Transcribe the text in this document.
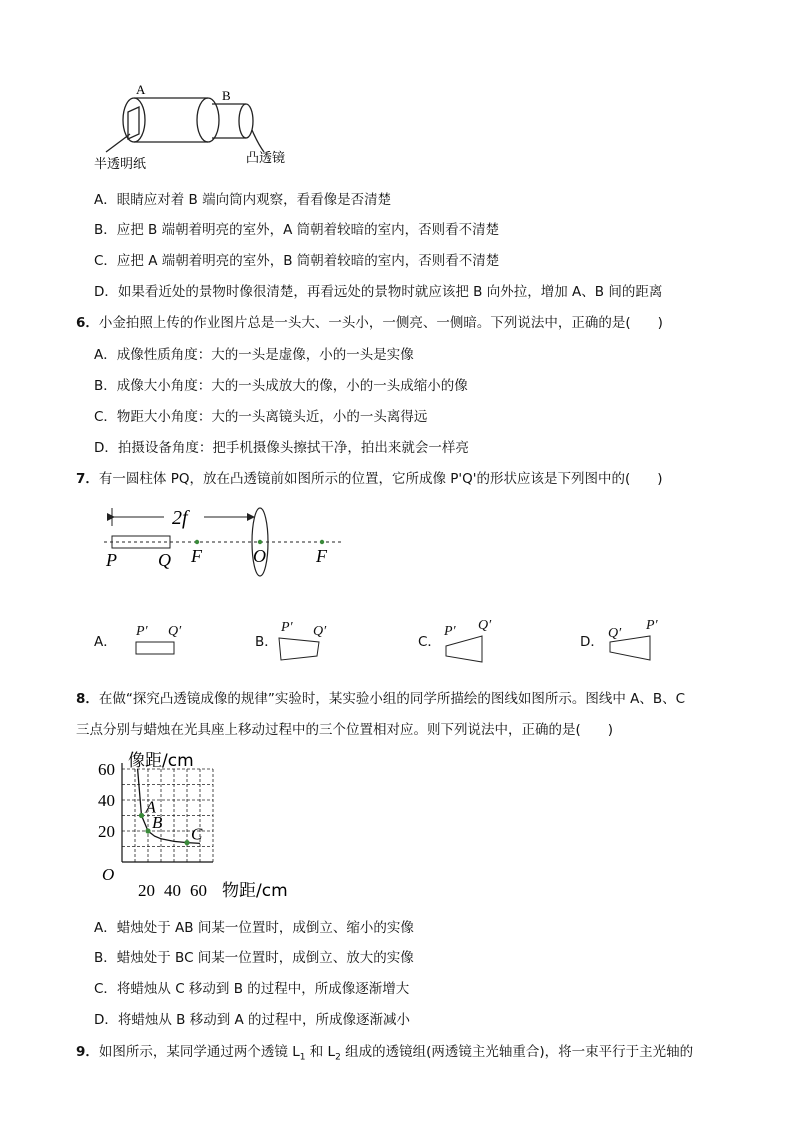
A	B
半透明纸	凸透镜
A．眼睛应对着 B 端向筒内观察，看看像是否清楚
B．应把 B 端朝着明亮的室外，A 筒朝着较暗的室内，否则看不清楚
C．应把 A 端朝着明亮的室外，B 筒朝着较暗的室内，否则看不清楚
D．如果看近处的景物时像很清楚，再看远处的景物时就应该把 B 向外拉，增加 A、B 间的距离
6．小金拍照上传的作业图片总是一头大、一头小，一侧亮、一侧暗。下列说法中，正确的是(　　)
A．成像性质角度：大的一头是虚像，小的一头是实像
B．成像大小角度：大的一头成放大的像，小的一头成缩小的像
C．物距大小角度：大的一头离镜头近，小的一头离得远
D．拍摄设备角度：把手机摄像头擦拭干净，拍出来就会一样亮
7．有一圆柱体 PQ，放在凸透镜前如图所示的位置，它所成像 P'Q'的形状应该是下列图中的(　　)
2f
P Q F	O	F
A．
P′ Q′
B．
P′ Q′
C．
P′ Q′
D．
Q′
P′
8．在做“探究凸透镜成像的规律”实验时，某实验小组的同学所描绘的图线如图所示。图线中 A、B、C
三点分别与蜡烛在光具座上移动过程中的三个位置相对应。则下列说法中，正确的是(　　)
20
40
60
20 40 60
O
像距/cm
物距/cm
A
B
C
A．蜡烛处于 AB 间某一位置时，成倒立、缩小的实像
B．蜡烛处于 BC 间某一位置时，成倒立、放大的实像
C．将蜡烛从 C 移动到 B 的过程中，所成像逐渐增大
D．将蜡烛从 B 移动到 A 的过程中，所成像逐渐减小
9．如图所示，某同学通过两个透镜 $L_1$ 和 $L_2$ 组成的透镜组(两透镜主光轴重合)，将一束平行于主光轴的
